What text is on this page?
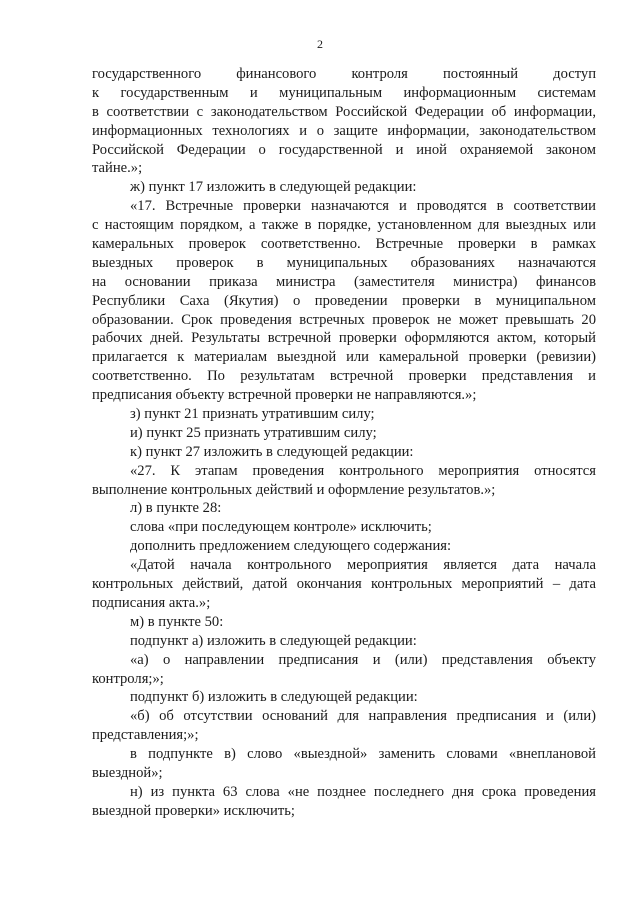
2
государственного финансового контроля постоянный доступ
к государственным и муниципальным информационным системам
в соответствии с законодательством Российской Федерации об информации,
информационных технологиях и о защите информации, законодательством
Российской Федерации о государственной и иной охраняемой законом
тайне.»;
ж) пункт 17 изложить в следующей редакции:
«17. Встречные проверки назначаются и проводятся в соответствии
с настоящим порядком, а также в порядке, установленном для выездных или
камеральных проверок соответственно. Встречные проверки в рамках
выездных проверок в муниципальных образованиях назначаются
на основании приказа министра (заместителя министра) финансов
Республики Саха (Якутия) о проведении проверки в муниципальном
образовании. Срок проведения встречных проверок не может превышать 20
рабочих дней. Результаты встречной проверки оформляются актом, который
прилагается к материалам выездной или камеральной проверки (ревизии)
соответственно. По результатам встречной проверки представления и
предписания объекту встречной проверки не направляются.»;
з) пункт 21 признать утратившим силу;
и) пункт 25 признать утратившим силу;
к) пункт 27 изложить в следующей редакции:
«27. К этапам проведения контрольного мероприятия относятся
выполнение контрольных действий и оформление результатов.»;
л) в пункте 28:
слова «при последующем контроле» исключить;
дополнить предложением следующего содержания:
«Датой начала контрольного мероприятия является дата начала
контрольных действий, датой окончания контрольных мероприятий – дата
подписания акта.»;
м) в пункте 50:
подпункт а) изложить в следующей редакции:
«а) о направлении предписания и (или) представления объекту
контроля;»;
подпункт б) изложить в следующей редакции:
«б) об отсутствии оснований для направления предписания и (или)
представления;»;
в подпункте в) слово «выездной» заменить словами «внеплановой
выездной»;
н) из пункта 63 слова «не позднее последнего дня срока проведения
выездной проверки» исключить;
